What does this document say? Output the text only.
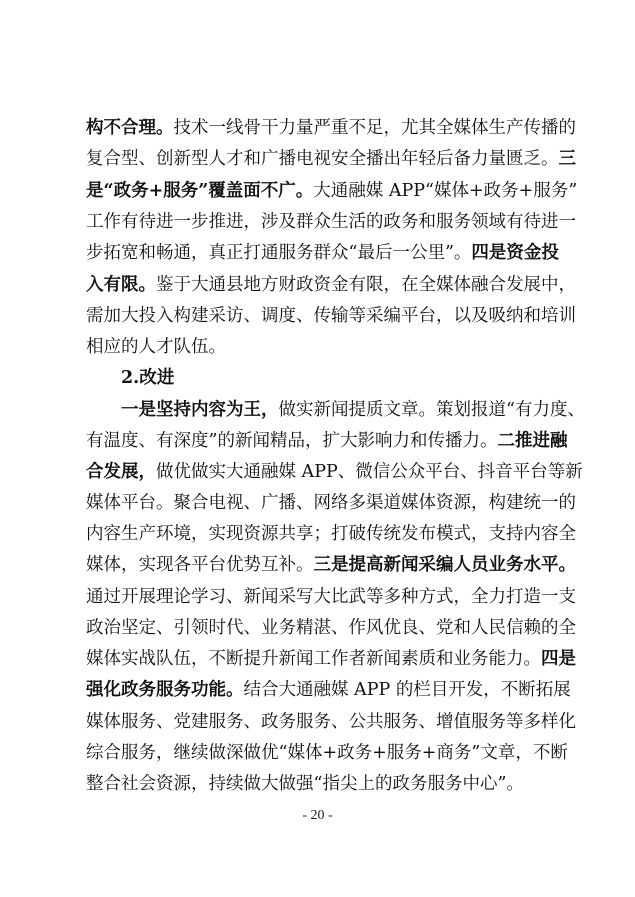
构不合理。技术一线骨干力量严重不足，尤其全媒体生产传播的
复合型、创新型人才和广播电视安全播出年轻后备力量匮乏。三
是“政务+服务”覆盖面不广。大通融媒 APP“媒体+政务+服务”
工作有待进一步推进，涉及群众生活的政务和服务领域有待进一
步拓宽和畅通，真正打通服务群众“最后一公里”。四是资金投
入有限。鉴于大通县地方财政资金有限，在全媒体融合发展中，
需加大投入构建采访、调度、传输等采编平台，以及吸纳和培训
相应的人才队伍。
2.改进
一是坚持内容为王，做实新闻提质文章。策划报道“有力度、
有温度、有深度”的新闻精品，扩大影响力和传播力。二推进融
合发展，做优做实大通融媒 APP、微信公众平台、抖音平台等新
媒体平台。聚合电视、广播、网络多渠道媒体资源，构建统一的
内容生产环境，实现资源共享；打破传统发布模式，支持内容全
媒体，实现各平台优势互补。三是提高新闻采编人员业务水平。
通过开展理论学习、新闻采写大比武等多种方式，全力打造一支
政治坚定、引领时代、业务精湛、作风优良、党和人民信赖的全
媒体实战队伍，不断提升新闻工作者新闻素质和业务能力。四是
强化政务服务功能。结合大通融媒 APP 的栏目开发，不断拓展
媒体服务、党建服务、政务服务、公共服务、增值服务等多样化
综合服务，继续做深做优“媒体+政务+服务+商务”文章，不断
整合社会资源，持续做大做强“指尖上的政务服务中心”。
- 20 -
